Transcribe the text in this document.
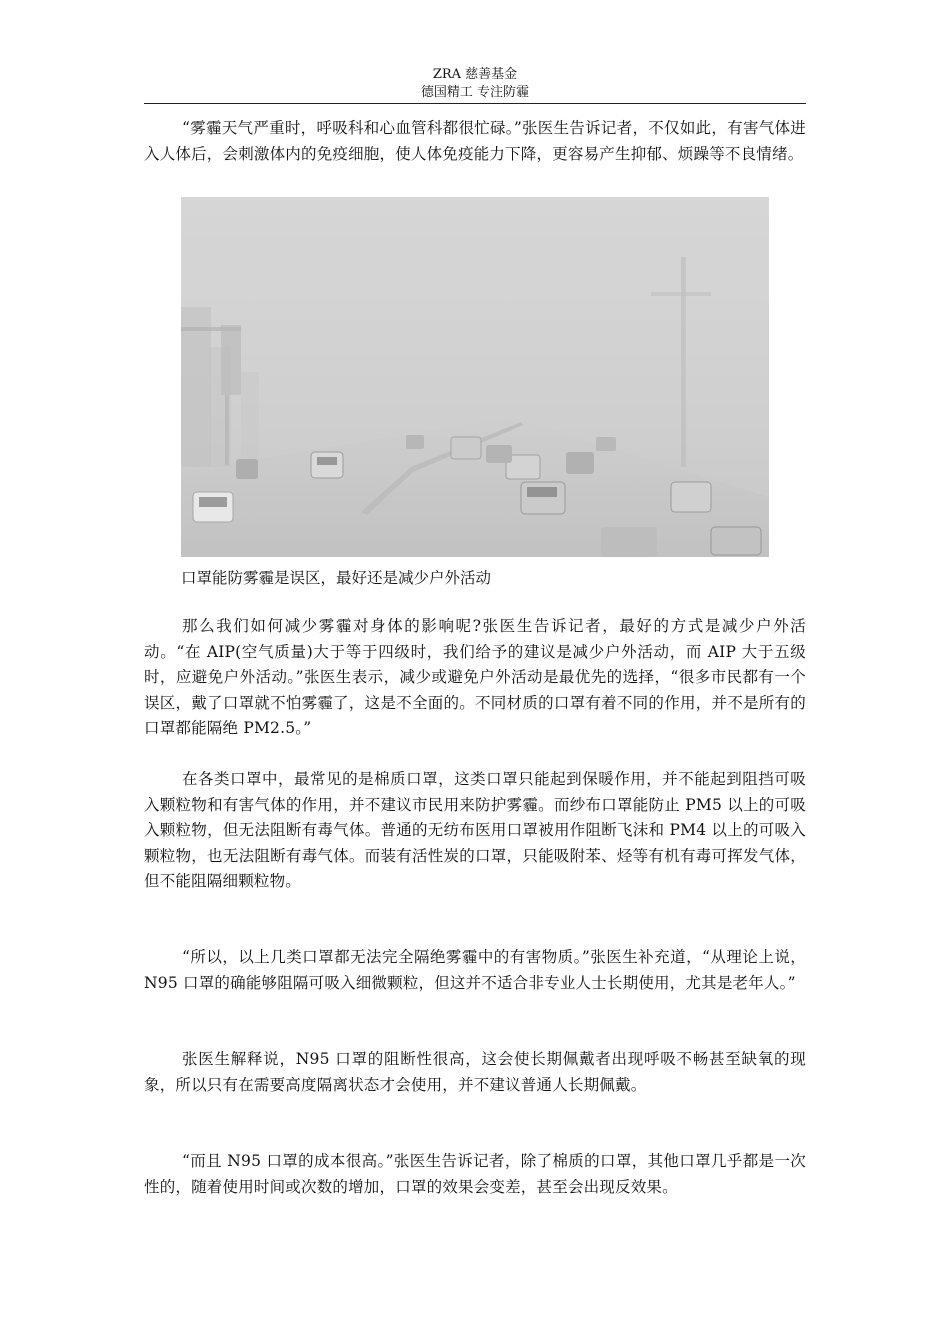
ZRA 慈善基金
德国精工 专注防霾

“雾霾天气严重时，呼吸科和心血管科都很忙碌。”张医生告诉记者，不仅如此，有害气体进入人体后，会刺激体内的免疫细胞，使人体免疫能力下降，更容易产生抑郁、烦躁等不良情绪。

口罩能防雾霾是误区，最好还是减少户外活动

那么我们如何减少雾霾对身体的影响呢?张医生告诉记者，最好的方式是减少户外活动。“在 AIP(空气质量)大于等于四级时，我们给予的建议是减少户外活动，而 AIP 大于五级时，应避免户外活动。”张医生表示，减少或避免户外活动是最优先的选择，“很多市民都有一个误区，戴了口罩就不怕雾霾了，这是不全面的。不同材质的口罩有着不同的作用，并不是所有的口罩都能隔绝 PM2.5。”

在各类口罩中，最常见的是棉质口罩，这类口罩只能起到保暖作用，并不能起到阻挡可吸入颗粒物和有害气体的作用，并不建议市民用来防护雾霾。而纱布口罩能防止 PM5 以上的可吸入颗粒物，但无法阻断有毒气体。普通的无纺布医用口罩被用作阻断飞沫和 PM4 以上的可吸入颗粒物，也无法阻断有毒气体。而装有活性炭的口罩，只能吸附苯、烃等有机有毒可挥发气体，但不能阻隔细颗粒物。

“所以，以上几类口罩都无法完全隔绝雾霾中的有害物质。”张医生补充道，“从理论上说，N95 口罩的确能够阻隔可吸入细微颗粒，但这并不适合非专业人士长期使用，尤其是老年人。”

张医生解释说，N95 口罩的阻断性很高，这会使长期佩戴者出现呼吸不畅甚至缺氧的现象，所以只有在需要高度隔离状态才会使用，并不建议普通人长期佩戴。

“而且 N95 口罩的成本很高。”张医生告诉记者，除了棉质的口罩，其他口罩几乎都是一次性的，随着使用时间或次数的增加，口罩的效果会变差，甚至会出现反效果。
